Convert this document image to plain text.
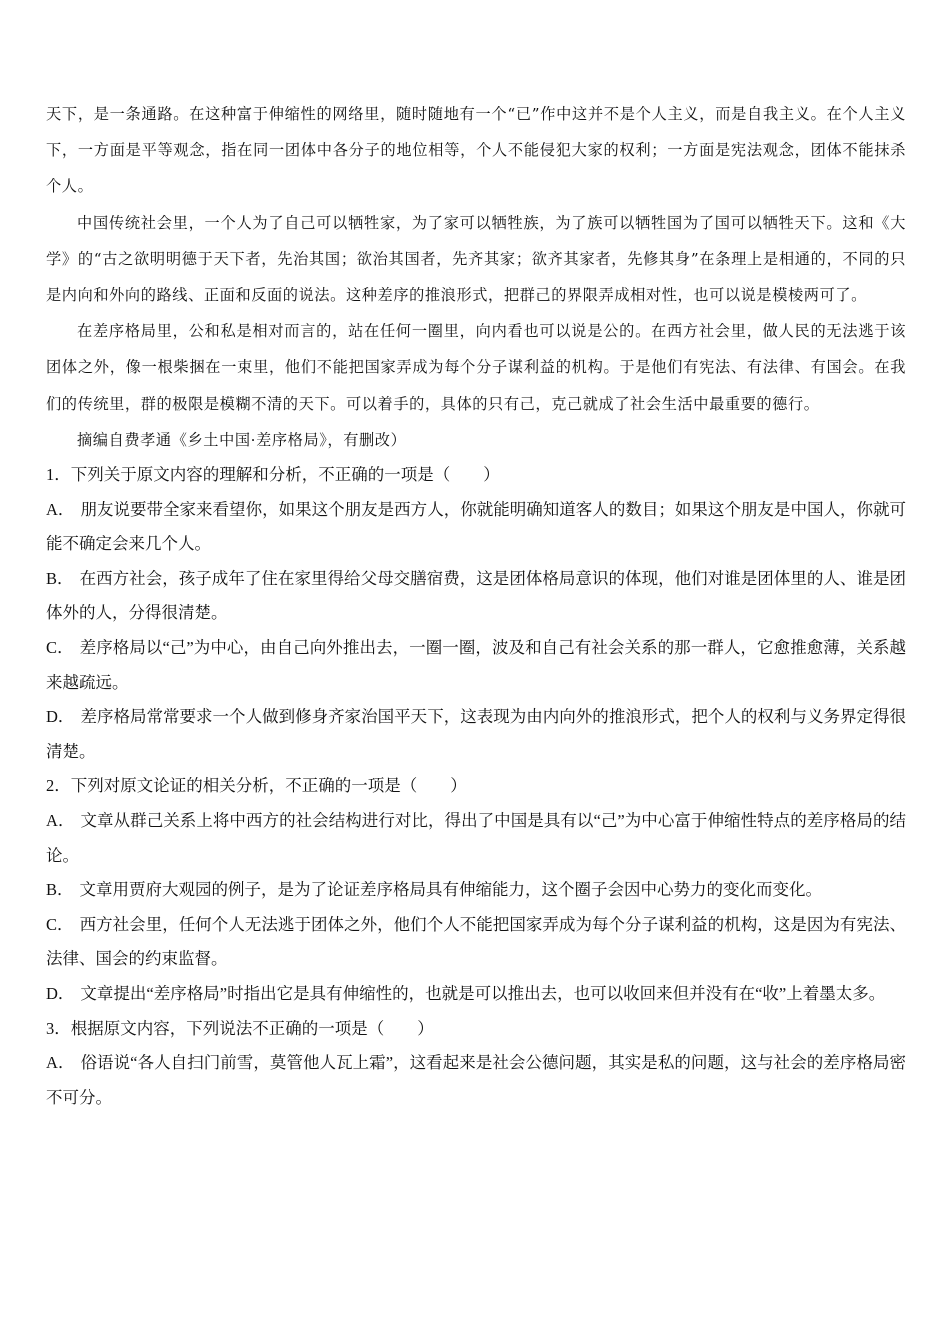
天下，是一条通路。在这种富于伸缩性的网络里，随时随地有一个“已”作中这并不是个人主义，而是自我主义。在个人主义下，一方面是平等观念，指在同一团体中各分子的地位相等，个人不能侵犯大家的权利；一方面是宪法观念，团体不能抹杀个人。

中国传统社会里，一个人为了自己可以牺牲家，为了家可以牺牲族，为了族可以牺牲国为了国可以牺牲天下。这和《大学》的“古之欲明明德于天下者，先治其国；欲治其国者，先齐其家；欲齐其家者，先修其身”在条理上是相通的，不同的只是内向和外向的路线、正面和反面的说法。这种差序的推浪形式，把群己的界限弄成相对性，也可以说是模棱两可了。

在差序格局里，公和私是相对而言的，站在任何一圈里，向内看也可以说是公的。在西方社会里，做人民的无法逃于该团体之外，像一根柴捆在一束里，他们不能把国家弄成为每个分子谋利益的机构。于是他们有宪法、有法律、有国会。在我们的传统里，群的极限是模糊不清的天下。可以着手的，具体的只有己，克己就成了社会生活中最重要的德行。

摘编自费孝通《乡土中国·差序格局》，有删改）

1．下列关于原文内容的理解和分析，不正确的一项是（　　）

A． 朋友说要带全家来看望你，如果这个朋友是西方人，你就能明确知道客人的数目；如果这个朋友是中国人，你就可能不确定会来几个人。

B． 在西方社会，孩子成年了住在家里得给父母交膳宿费，这是团体格局意识的体现，他们对谁是团体里的人、谁是团体外的人，分得很清楚。

C． 差序格局以“己”为中心，由自己向外推出去，一圈一圈，波及和自己有社会关系的那一群人，它愈推愈薄，关系越来越疏远。

D． 差序格局常常要求一个人做到修身齐家治国平天下，这表现为由内向外的推浪形式，把个人的权利与义务界定得很清楚。

2．下列对原文论证的相关分析，不正确的一项是（　　）

A． 文章从群己关系上将中西方的社会结构进行对比，得出了中国是具有以“己”为中心富于伸缩性特点的差序格局的结论。

B． 文章用贾府大观园的例子，是为了论证差序格局具有伸缩能力，这个圈子会因中心势力的变化而变化。

C． 西方社会里，任何个人无法逃于团体之外，他们个人不能把国家弄成为每个分子谋利益的机构，这是因为有宪法、法律、国会的约束监督。

D． 文章提出“差序格局”时指出它是具有伸缩性的，也就是可以推出去，也可以收回来但并没有在“收”上着墨太多。

3．根据原文内容，下列说法不正确的一项是（　　）

A． 俗语说“各人自扫门前雪，莫管他人瓦上霜”，这看起来是社会公德问题，其实是私的问题，这与社会的差序格局密不可分。
